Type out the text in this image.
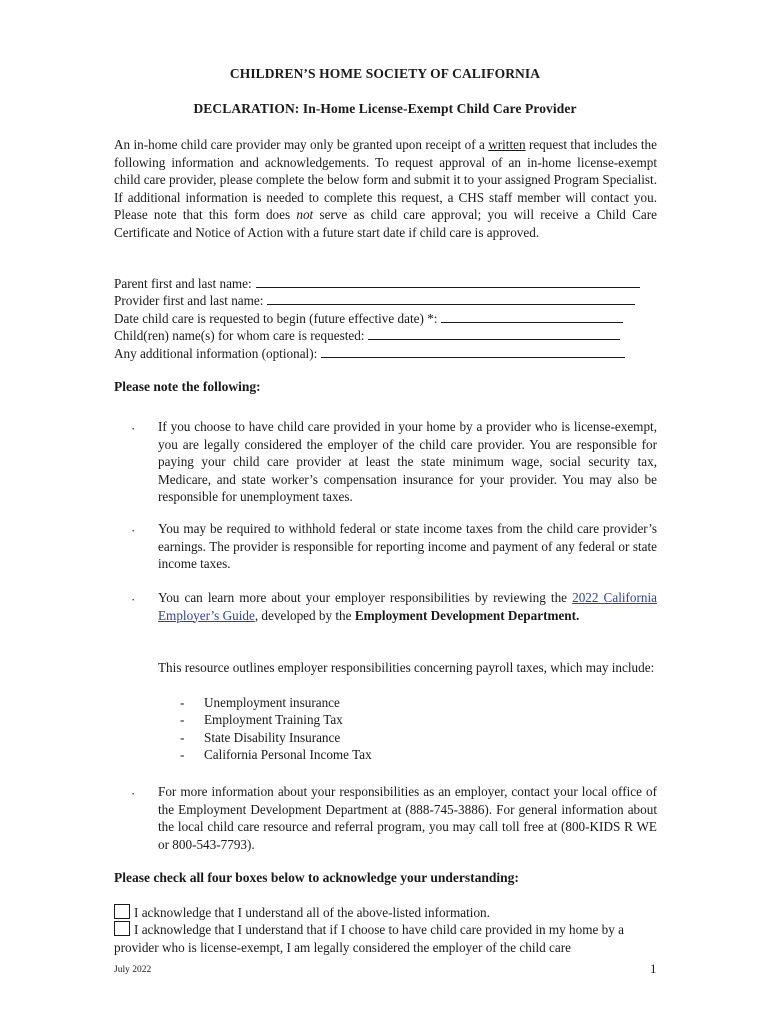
CHILDREN’S HOME SOCIETY OF CALIFORNIA
DECLARATION: In-Home License-Exempt Child Care Provider
An in-home child care provider may only be granted upon receipt of a written request that includes the following information and acknowledgements. To request approval of an in-home license-exempt child care provider, please complete the below form and submit it to your assigned Program Specialist. If additional information is needed to complete this request, a CHS staff member will contact you. Please note that this form does not serve as child care approval; you will receive a Child Care Certificate and Notice of Action with a future start date if child care is approved.
Parent first and last name:
Provider first and last name:
Date child care is requested to begin (future effective date) *:
Child(ren) name(s) for whom care is requested:
Any additional information (optional):
Please note the following:
· If you choose to have child care provided in your home by a provider who is license-exempt, you are legally considered the employer of the child care provider. You are responsible for paying your child care provider at least the state minimum wage, social security tax, Medicare, and state worker’s compensation insurance for your provider. You may also be responsible for unemployment taxes.
· You may be required to withhold federal or state income taxes from the child care provider’s earnings. The provider is responsible for reporting income and payment of any federal or state income taxes.
· You can learn more about your employer responsibilities by reviewing the 2022 California Employer’s Guide, developed by the Employment Development Department.
This resource outlines employer responsibilities concerning payroll taxes, which may include:
- Unemployment insurance
- Employment Training Tax
- State Disability Insurance
- California Personal Income Tax
· For more information about your responsibilities as an employer, contact your local office of the Employment Development Department at (888-745-3886). For general information about the local child care resource and referral program, you may call toll free at (800-KIDS R WE or 800-543-7793).
Please check all four boxes below to acknowledge your understanding:
I acknowledge that I understand all of the above-listed information.
I acknowledge that I understand that if I choose to have child care provided in my home by a provider who is license-exempt, I am legally considered the employer of the child care
July 2022	1
